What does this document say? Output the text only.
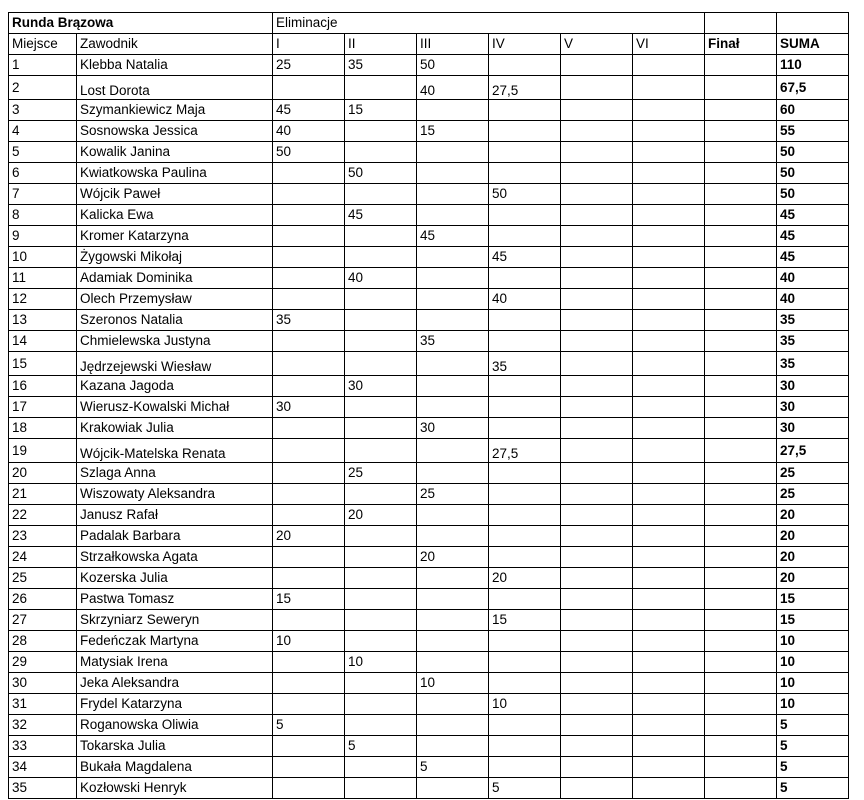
Runda Brązowa		Eliminacje							
Miejsce	Zawodnik	I	II	III	IV	V	VI	Finał	SUMA
1	Klebba Natalia	25	35	50					110
2	Lost Dorota			40	27,5				67,5
3	Szymankiewicz Maja	45	15						60
4	Sosnowska Jessica	40		15					55
5	Kowalik Janina	50							50
6	Kwiatkowska Paulina		50						50
7	Wójcik Paweł				50				50
8	Kalicka Ewa		45						45
9	Kromer Katarzyna			45					45
10	Żygowski Mikołaj				45				45
11	Adamiak Dominika		40						40
12	Olech Przemysław				40				40
13	Szeronos Natalia	35							35
14	Chmielewska Justyna			35					35
15	Jędrzejewski Wiesław				35				35
16	Kazana Jagoda		30						30
17	Wierusz-Kowalski Michał	30							30
18	Krakowiak Julia			30					30
19	Wójcik-Matelska Renata				27,5				27,5
20	Szlaga Anna		25						25
21	Wiszowaty Aleksandra			25					25
22	Janusz Rafał		20						20
23	Padalak Barbara	20							20
24	Strzałkowska Agata			20					20
25	Kozerska Julia				20				20
26	Pastwa Tomasz	15							15
27	Skrzyniarz Seweryn				15				15
28	Fedeńczak Martyna	10							10
29	Matysiak Irena		10						10
30	Jeka Aleksandra			10					10
31	Frydel Katarzyna				10				10
32	Roganowska Oliwia	5							5
33	Tokarska Julia		5						5
34	Bukała Magdalena			5					5
35	Kozłowski Henryk				5				5
